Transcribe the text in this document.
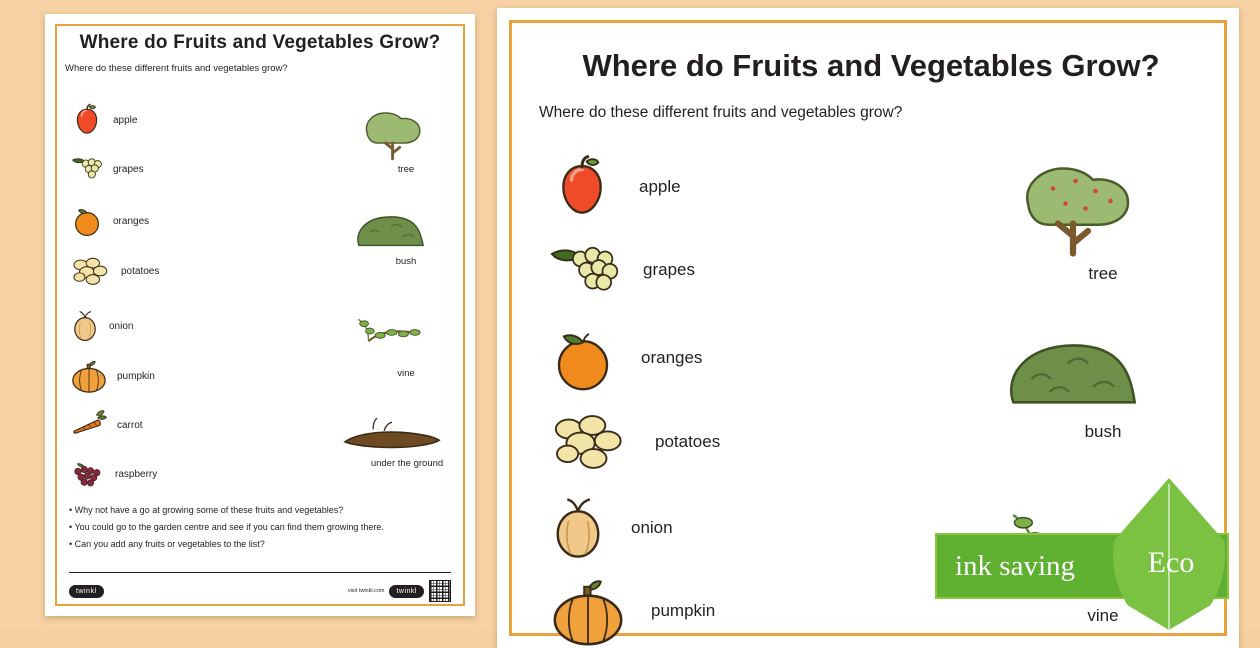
Where do Fruits and Vegetables Grow?
Where do these different fruits and vegetables grow?
apple
grapes
oranges
potatoes
onion
pumpkin
carrot
raspberry
tree
bush
vine
under the ground
• Why not have a go at growing some of these fruits and vegetables?
• You could go to the garden centre and see if you can find them growing there.
• Can you add any fruits or vegetables to the list?
twinkl	visit twinkl.com	twinkl
Where do Fruits and Vegetables Grow?
Where do these different fruits and vegetables grow?
apple
grapes
oranges
potatoes
onion
pumpkin
tree
bush
vine
ink saving	Eco
